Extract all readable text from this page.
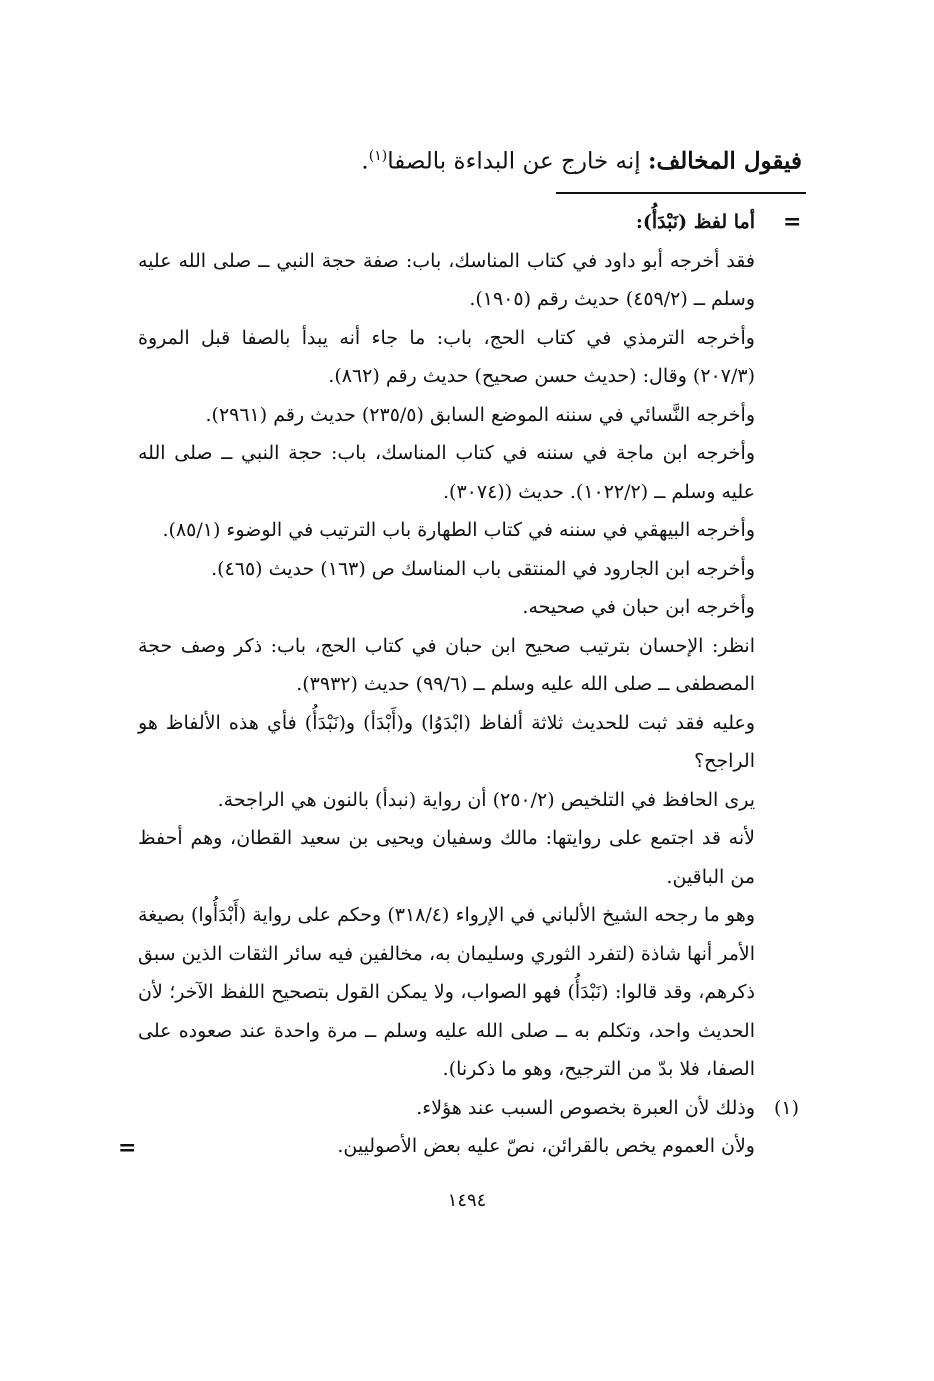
فيقول المخالف: إنه خارج عن البداءة بالصفا$^{(١)}$.
=

أما لفظ (نَبْدَأُ):

فقد أخرجه أبو داود في كتاب المناسك، باب: صفة حجة النبي ــ صلى الله عليه وسلم ــ (٤٥٩/٢) حديث رقم (١٩٠٥).

وأخرجه الترمذي في كتاب الحج، باب: ما جاء أنه يبدأ بالصفا قبل المروة (٢٠٧/٣) وقال: (حديث حسن صحيح) حديث رقم (٨٦٢).

وأخرجه النَّسائي في سننه الموضع السابق (٢٣٥/٥) حديث رقم (٢٩٦١).

وأخرجه ابن ماجة في سننه في كتاب المناسك، باب: حجة النبي ــ صلى الله عليه وسلم ــ (١٠٢٢/٢). حديث ((٣٠٧٤).

وأخرجه البيهقي في سننه في كتاب الطهارة باب الترتيب في الوضوء (٨٥/١).

وأخرجه ابن الجارود في المنتقى باب المناسك ص (١٦٣) حديث (٤٦٥).

وأخرجه ابن حبان في صحيحه.

انظر: الإحسان بترتيب صحيح ابن حبان في كتاب الحج، باب: ذكر وصف حجة المصطفى ــ صلى الله عليه وسلم ــ (٩٩/٦) حديث (٣٩٣٢).

وعليه فقد ثبت للحديث ثلاثة ألفاظ (ابْدَوُا) و(أَبْدَأ) و(نَبْدَأُ) فأي هذه الألفاظ هو الراجح؟

يرى الحافظ في التلخيص (٢٥٠/٢) أن رواية (نبدأ) بالنون هي الراجحة.

لأنه قد اجتمع على روايتها: مالك وسفيان ويحيى بن سعيد القطان، وهم أحفظ من الباقين.

وهو ما رجحه الشيخ الألباني في الإرواء (٣١٨/٤) وحكم على رواية (أَبْدَأُوا) بصيغة الأمر أنها شاذة (لتفرد الثوري وسليمان به، مخالفين فيه سائر الثقات الذين سبق ذكرهم، وقد قالوا: (نَبْدَأُ) فهو الصواب، ولا يمكن القول بتصحيح اللفظ الآخر؛ لأن الحديث واحد، وتكلم به ــ صلى الله عليه وسلم ــ مرة واحدة عند صعوده على الصفا، فلا بدّ من الترجيح، وهو ما ذكرنا).

وذلك لأن العبرة بخصوص السبب عند هؤلاء.

ولأن العموم يخص بالقرائن، نصّ عليه بعض الأصوليين.

(١)
=
١٤٩٤
